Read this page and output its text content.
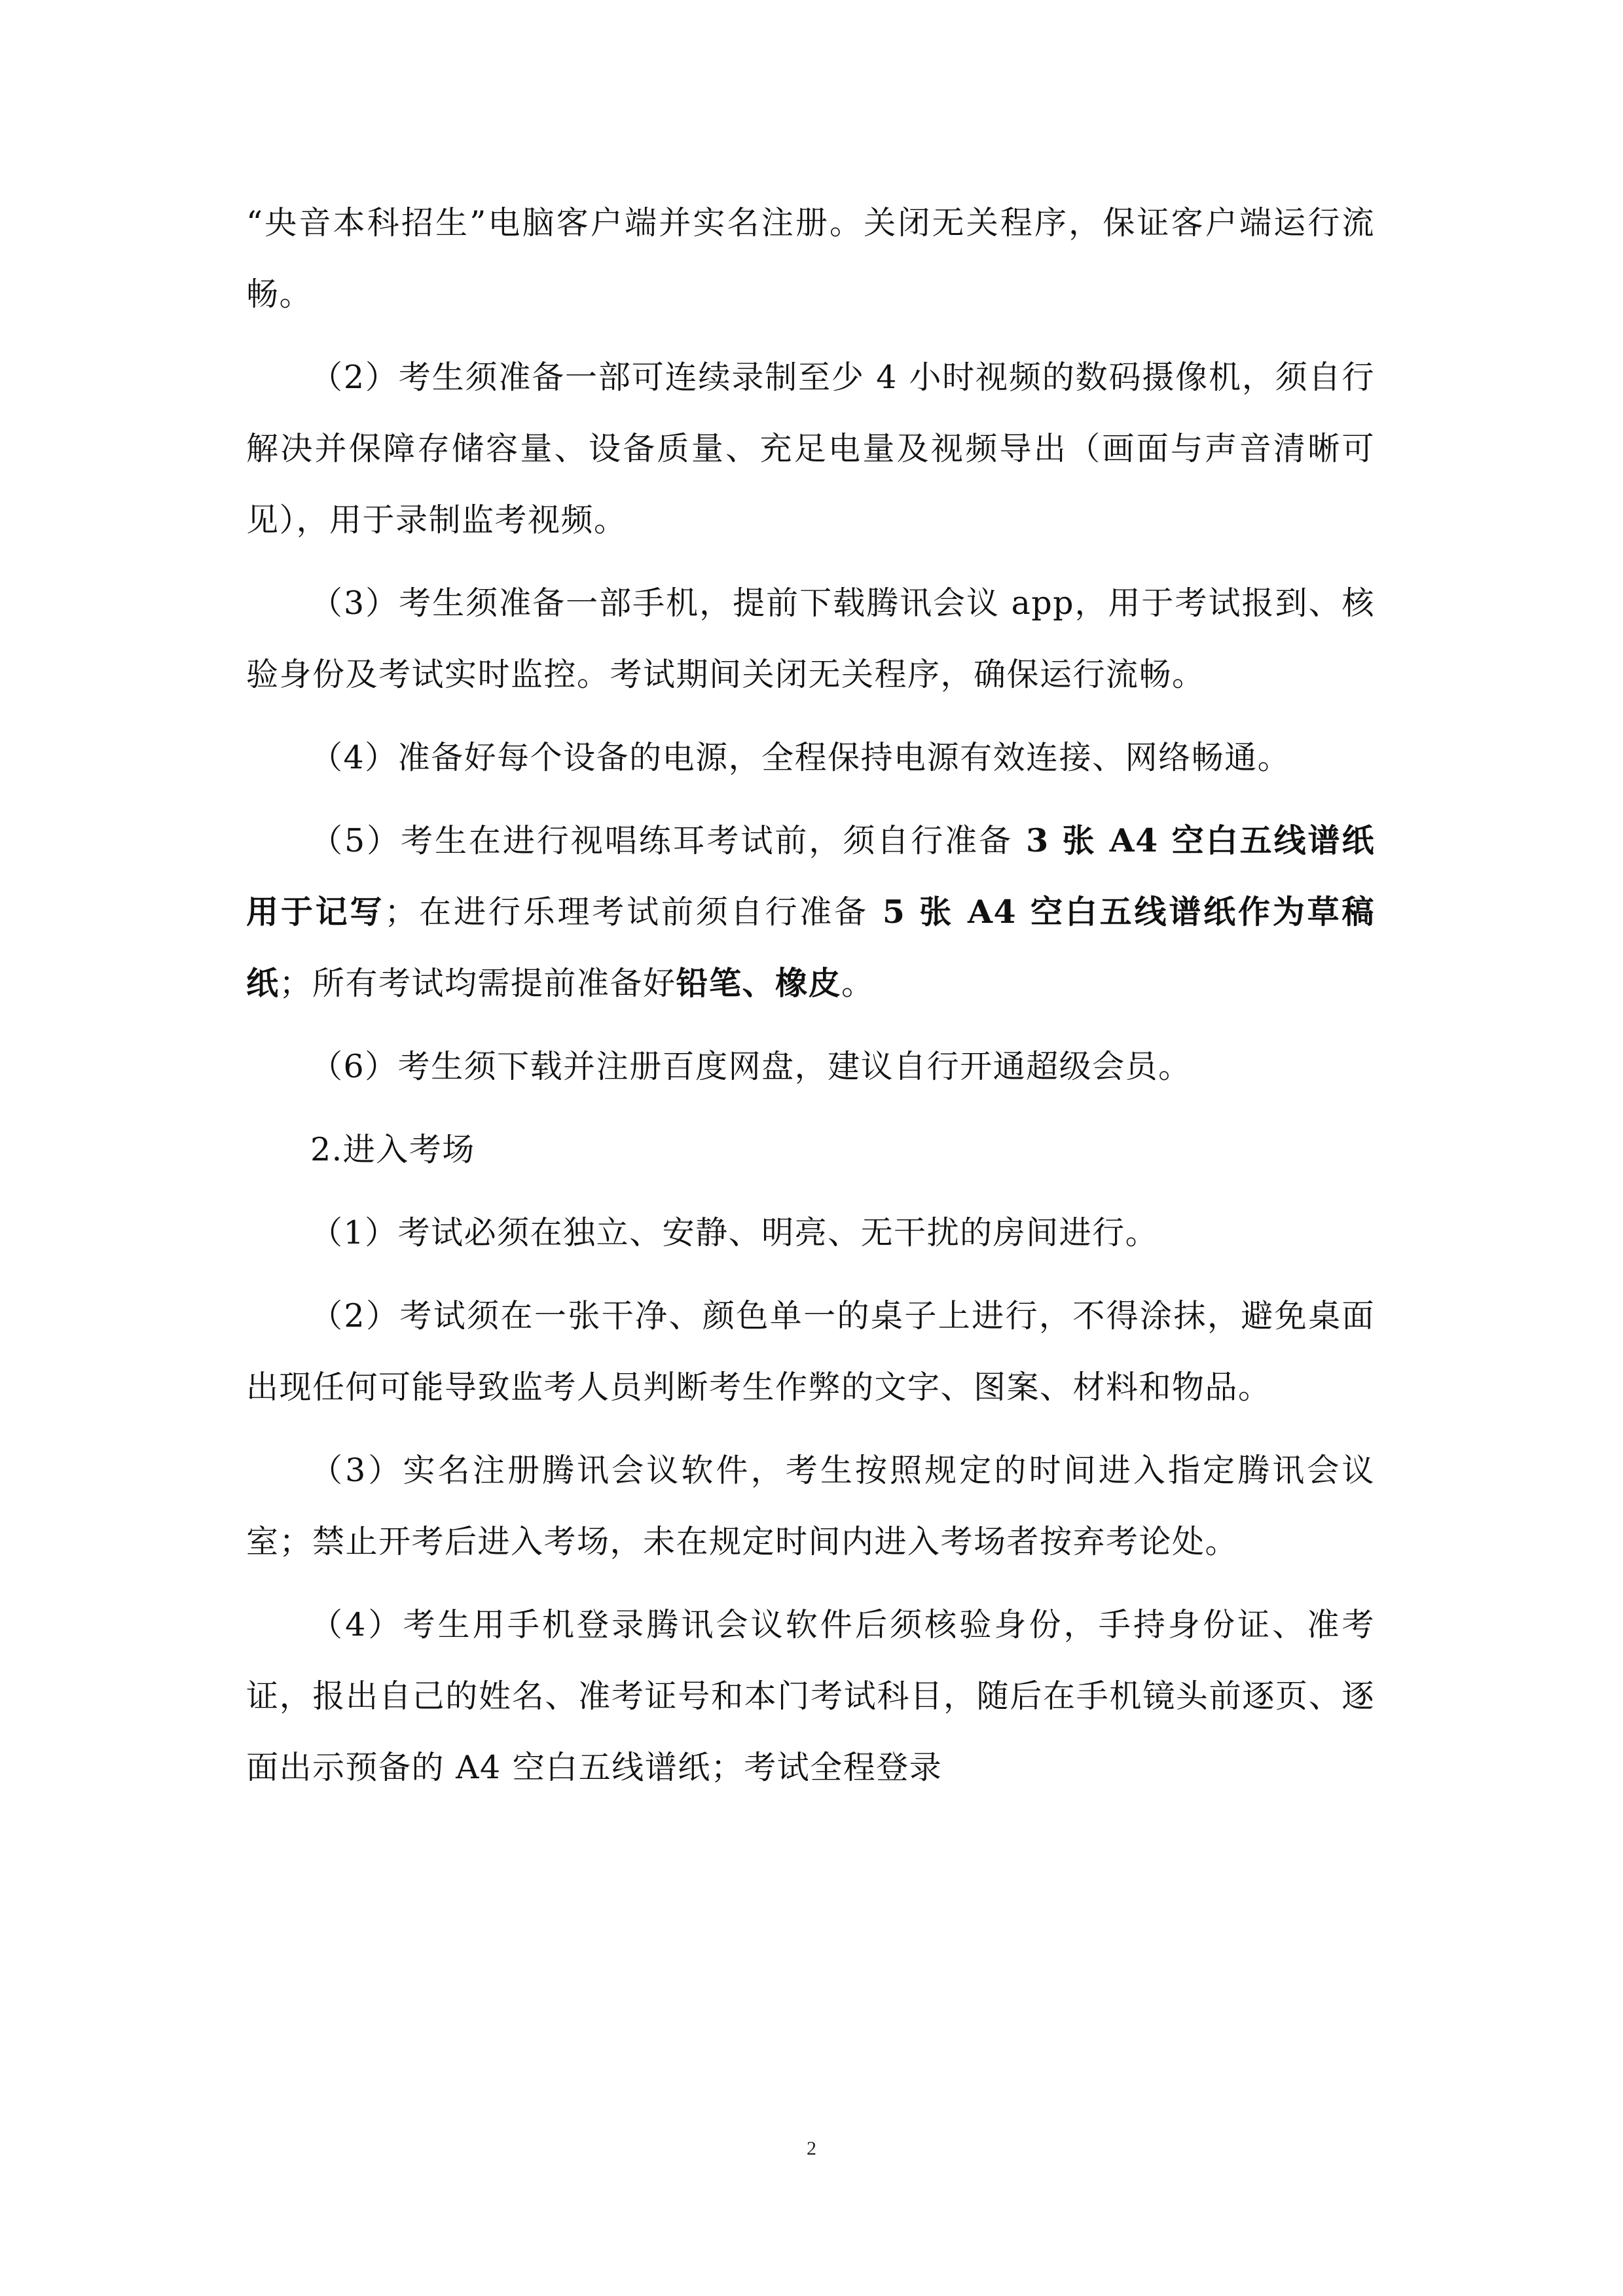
“央音本科招生”电脑客户端并实名注册。关闭无关程序，保证客户端运行流畅。

（2）考生须准备一部可连续录制至少 4 小时视频的数码摄像机，须自行解决并保障存储容量、设备质量、充足电量及视频导出（画面与声音清晰可见），用于录制监考视频。

（3）考生须准备一部手机，提前下载腾讯会议 app，用于考试报到、核验身份及考试实时监控。考试期间关闭无关程序，确保运行流畅。

（4）准备好每个设备的电源，全程保持电源有效连接、网络畅通。

（5）考生在进行视唱练耳考试前，须自行准备 3 张 A4 空白五线谱纸用于记写；在进行乐理考试前须自行准备 5 张 A4 空白五线谱纸作为草稿纸；所有考试均需提前准备好铅笔、橡皮。

（6）考生须下载并注册百度网盘，建议自行开通超级会员。

2.进入考场

（1）考试必须在独立、安静、明亮、无干扰的房间进行。

（2）考试须在一张干净、颜色单一的桌子上进行，不得涂抹，避免桌面出现任何可能导致监考人员判断考生作弊的文字、图案、材料和物品。

（3）实名注册腾讯会议软件，考生按照规定的时间进入指定腾讯会议室；禁止开考后进入考场，未在规定时间内进入考场者按弃考论处。

（4）考生用手机登录腾讯会议软件后须核验身份，手持身份证、准考证，报出自己的姓名、准考证号和本门考试科目，随后在手机镜头前逐页、逐面出示预备的 A4 空白五线谱纸；考试全程登录

2
